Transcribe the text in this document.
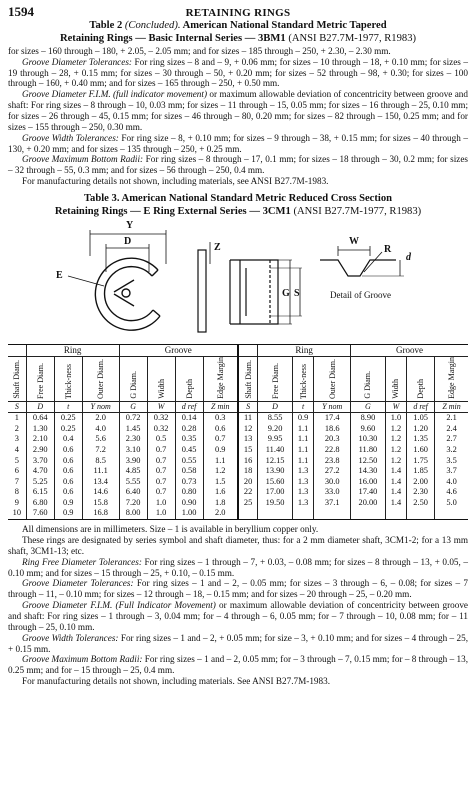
1594	RETAINING RINGS
Table 2 (Concluded). American National Standard Metric Tapered
Retaining Rings — Basic Internal Series — 3BM1 (ANSI B27.7M-1977, R1983)

for sizes – 160 through – 180, + 2.05, – 2.05 mm; and for sizes – 185 through – 250, + 2.30, – 2.30 mm.

Groove Diameter Tolerances: For ring sizes – 8 and – 9, + 0.06 mm; for sizes – 10 through – 18, + 0.10 mm; for sizes – 19 through – 28, + 0.15 mm; for sizes – 30 through – 50, + 0.20 mm; for sizes – 52 through – 98, + 0.30; for sizes – 100 through – 160, + 0.40 mm; and for sizes – 165 through – 250, + 0.50 mm.

Groove Diameter F.I.M. (full indicator movement) or maximum allowable deviation of concentricity between groove and shaft: For ring sizes – 8 through – 10, 0.03 mm; for sizes – 11 through – 15, 0.05 mm; for sizes – 16 through – 25, 0.10 mm; for sizes – 26 through – 45, 0.15 mm; for sizes – 46 through – 80, 0.20 mm; for sizes – 82 through – 150, 0.25 mm; and for sizes – 155 through – 250, 0.30 mm.

Groove Width Tolerances: For ring size – 8, + 0.10 mm; for sizes – 9 through – 38, + 0.15 mm; for sizes – 40 through – 130, + 0.20 mm; and for sizes – 135 through – 250, + 0.25 mm.

Groove Maximum Bottom Radii: For ring sizes – 8 through – 17, 0.1 mm; for sizes – 18 through – 30, 0.2 mm; for sizes – 32 through – 55, 0.3 mm; and for sizes – 56 through – 250, 0.4 mm.

For manufacturing details not shown, including materials, see ANSI B27.7M-1983.

Table 3. American National Standard Metric Reduced Cross Section
Retaining Rings — E Ring External Series — 3CM1 (ANSI B27.7M-1977, R1983)
Y
D
E
Z
G S
W
R
d
Detail of Groove
	Ring			Groove					Ring			Groove			
Shaft Diam.	Free Diam.	Thick-ness	Outer Diam.	G Diam.	Width	Depth	Edge Margin	Shaft Diam.	Free Diam.	Thick-ness	Outer Diam.	G Diam.	Width	Depth	Edge Margin
S	D	t	Y nom	G	W	d ref	Z min	S	D	t	Y nom	G	W	d ref	Z min
1	0.64	0.25	2.0	0.72	0.32	0.14	0.3	11	8.55	0.9	17.4	8.90	1.0	1.05	2.1
2	1.30	0.25	4.0	1.45	0.32	0.28	0.6	12	9.20	1.1	18.6	9.60	1.2	1.20	2.4
3	2.10	0.4	5.6	2.30	0.5	0.35	0.7	13	9.95	1.1	20.3	10.30	1.2	1.35	2.7
4	2.90	0.6	7.2	3.10	0.7	0.45	0.9	15	11.40	1.1	22.8	11.80	1.2	1.60	3.2
5	3.70	0.6	8.5	3.90	0.7	0.55	1.1	16	12.15	1.1	23.8	12.50	1.2	1.75	3.5
6	4.70	0.6	11.1	4.85	0.7	0.58	1.2	18	13.90	1.3	27.2	14.30	1.4	1.85	3.7
7	5.25	0.6	13.4	5.55	0.7	0.73	1.5	20	15.60	1.3	30.0	16.00	1.4	2.00	4.0
8	6.15	0.6	14.6	6.40	0.7	0.80	1.6	22	17.00	1.3	33.0	17.40	1.4	2.30	4.6
9	6.80	0.9	15.8	7.20	1.0	0.90	1.8	25	19.50	1.3	37.1	20.00	1.4	2.50	5.0
10	7.60	0.9	16.8	8.00	1.0	1.00	2.0								

All dimensions are in millimeters. Size – 1 is available in beryllium copper only.

These rings are designated by series symbol and shaft diameter, thus: for a 2 mm diameter shaft, 3CM1-2; for a 13 mm shaft, 3CM1-13; etc.

Ring Free Diameter Tolerances: For ring sizes – 1 through – 7, + 0.03, – 0.08 mm; for sizes – 8 through – 13, + 0.05, – 0.10 mm; and for sizes – 15 through – 25, + 0.10, – 0.15 mm.

Groove Diameter Tolerances: For ring sizes – 1 and – 2, – 0.05 mm; for sizes – 3 through – 6, – 0.08; for sizes – 7 through – 11, – 0.10 mm; for sizes – 12 through – 18, – 0.15 mm; and for sizes – 20 through – 25, – 0.20 mm.

Groove Diameter F.I.M. (Full Indicator Movement) or maximum allowable deviation of concentricity between groove and shaft: For ring sizes – 1 through – 3, 0.04 mm; for – 4 through – 6, 0.05 mm; for – 7 through – 10, 0.08 mm; for – 11 through – 25, 0.10 mm.

Groove Width Tolerances: For ring sizes – 1 and – 2, + 0.05 mm; for size – 3, + 0.10 mm; and for sizes – 4 through – 25, + 0.15 mm.

Groove Maximum Bottom Radii: For ring sizes – 1 and – 2, 0.05 mm; for – 3 through – 7, 0.15 mm; for – 8 through – 13, 0.25 mm; and for – 15 through – 25, 0.4 mm.

For manufacturing details not shown, including materials. See ANSI B27.7M-1983.
